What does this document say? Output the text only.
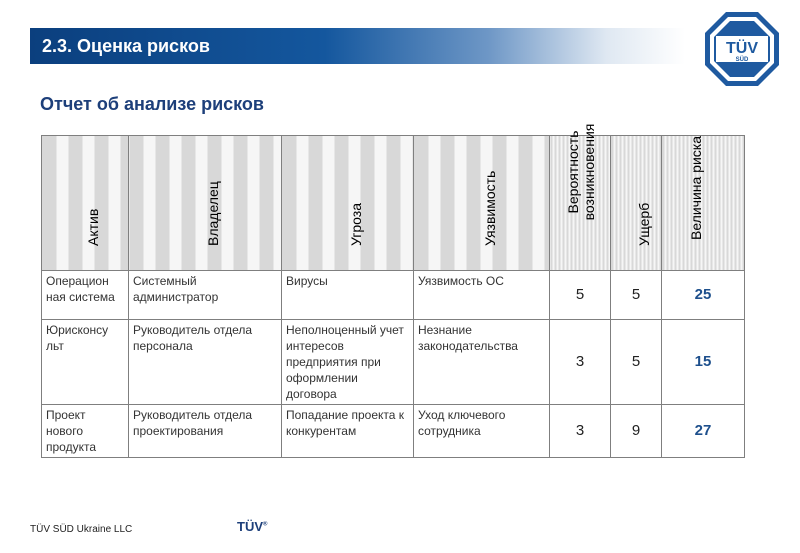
2.3. Оценка рисков	TÜV
SÜD
Отчет об анализе рисков
Актив	Владелец	Угроза	Уязвимость	Вероятность возникновения	Ущерб	Величина риска

Операцион ная система	Системный администратор	Вирусы	Уязвимость ОС	5	5	25
Юрисконсу льт	Руководитель отдела персонала	Неполноценный учет интересов предприятия при оформлении договора	Незнание законодательства	3	5	15
Проект нового продукта	Руководитель отдела проектирования	Попадание проекта к конкурентам	Уход ключевого сотрудника	3	9	27
TÜV SÜD Ukraine LLC	TÜV®
